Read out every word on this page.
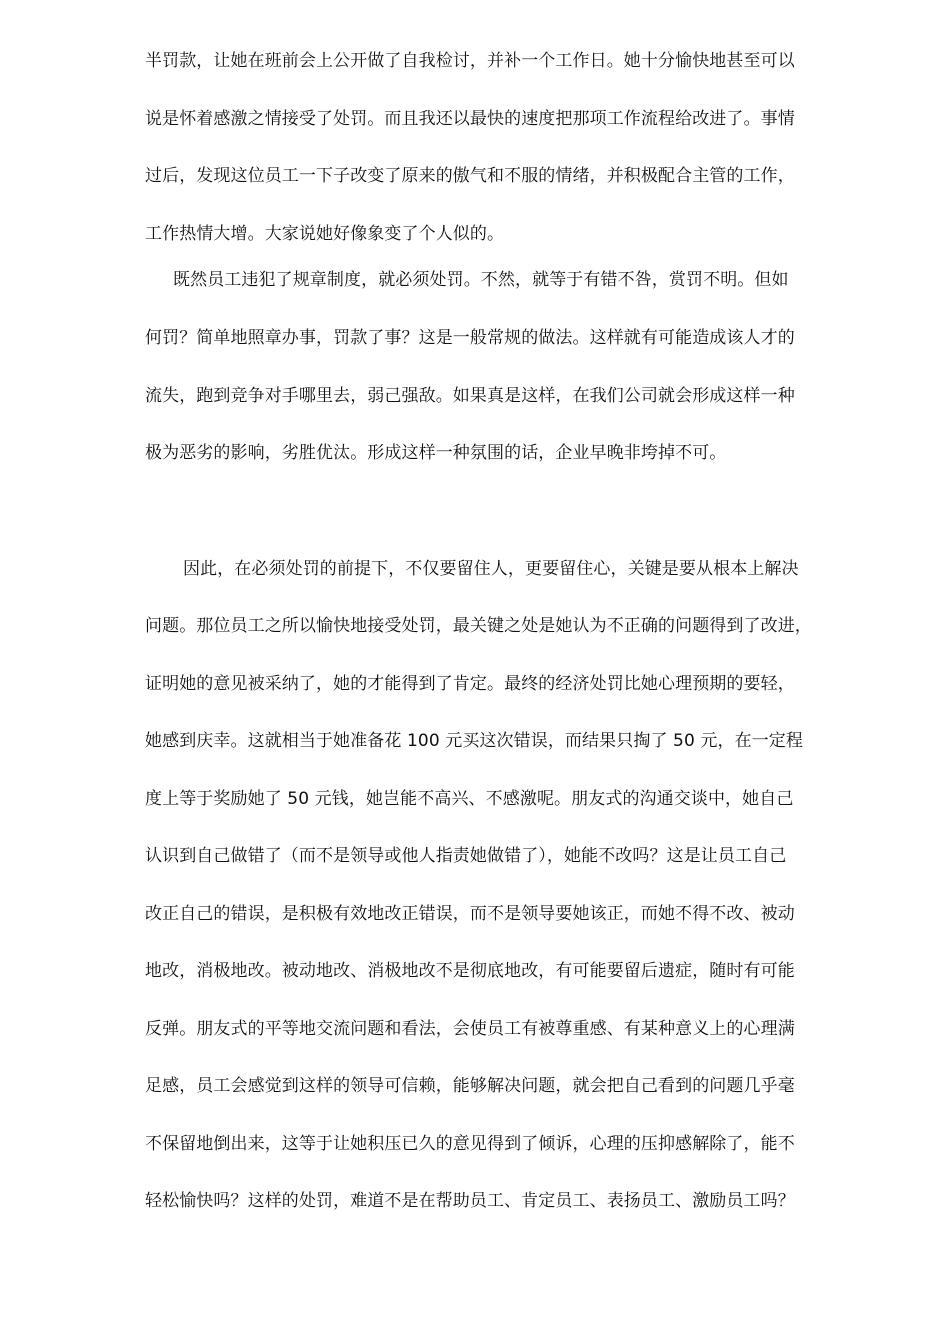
半罚款，让她在班前会上公开做了自我检讨，并补一个工作日。她十分愉快地甚至可以
说是怀着感激之情接受了处罚。而且我还以最快的速度把那项工作流程给改进了。事情
过后，发现这位员工一下子改变了原来的傲气和不服的情绪，并积极配合主管的工作，
工作热情大增。大家说她好像象变了个人似的。
既然员工违犯了规章制度，就必须处罚。不然，就等于有错不咎，赏罚不明。但如
何罚？简单地照章办事，罚款了事？这是一般常规的做法。这样就有可能造成该人才的
流失，跑到竞争对手哪里去，弱己强敌。如果真是这样，在我们公司就会形成这样一种
极为恶劣的影响，劣胜优汰。形成这样一种氛围的话，企业早晚非垮掉不可。
因此，在必须处罚的前提下，不仅要留住人，更要留住心，关键是要从根本上解决
问题。那位员工之所以愉快地接受处罚，最关键之处是她认为不正确的问题得到了改进，
证明她的意见被采纳了，她的才能得到了肯定。最终的经济处罚比她心理预期的要轻，
她感到庆幸。这就相当于她准备花 100 元买这次错误，而结果只掏了 50 元，在一定程
度上等于奖励她了 50 元钱，她岂能不高兴、不感激呢。朋友式的沟通交谈中，她自己
认识到自己做错了（而不是领导或他人指责她做错了），她能不改吗？这是让员工自己
改正自己的错误，是积极有效地改正错误，而不是领导要她该正，而她不得不改、被动
地改，消极地改。被动地改、消极地改不是彻底地改，有可能要留后遗症，随时有可能
反弹。朋友式的平等地交流问题和看法，会使员工有被尊重感、有某种意义上的心理满
足感，员工会感觉到这样的领导可信赖，能够解决问题，就会把自己看到的问题几乎毫
不保留地倒出来，这等于让她积压已久的意见得到了倾诉，心理的压抑感解除了，能不
轻松愉快吗？这样的处罚，难道不是在帮助员工、肯定员工、表扬员工、激励员工吗？
